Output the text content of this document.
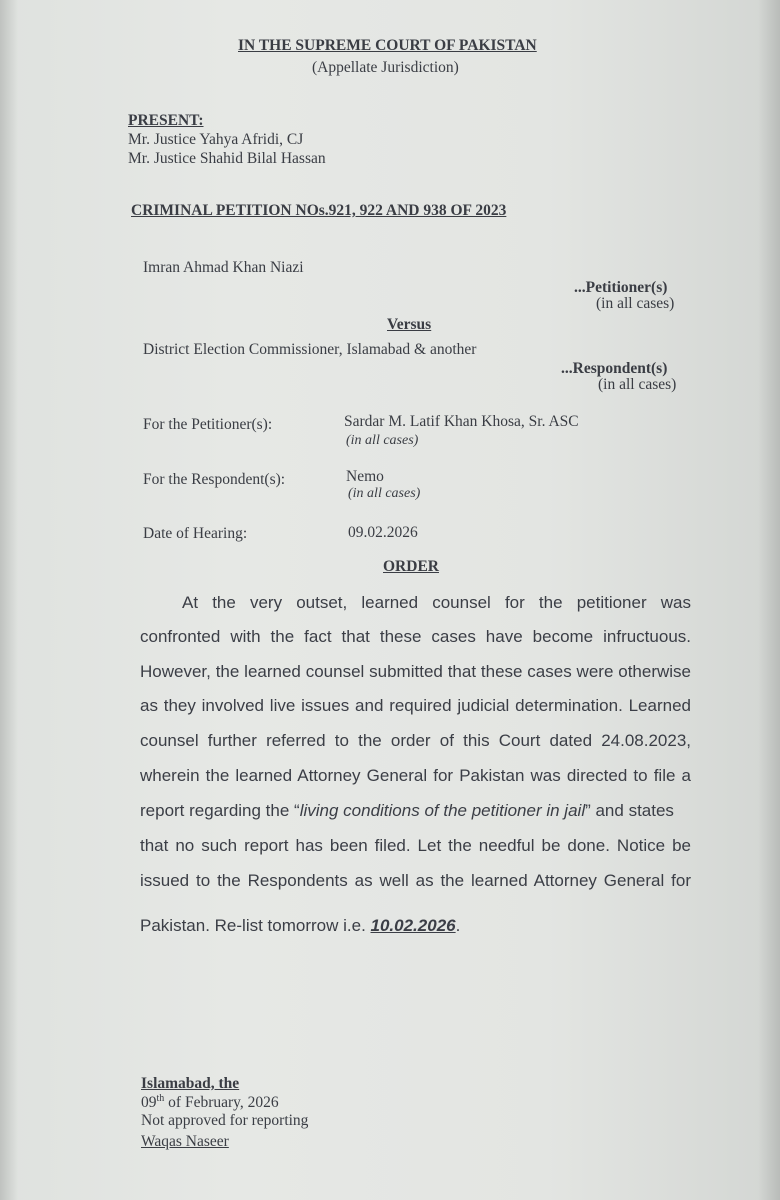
IN THE SUPREME COURT OF PAKISTAN
(Appellate Jurisdiction)
PRESENT:
Mr. Justice Yahya Afridi, CJ
Mr. Justice Shahid Bilal Hassan
CRIMINAL PETITION NOs.921, 922 AND 938 OF 2023
Imran Ahmad Khan Niazi
...Petitioner(s)
(in all cases)
Versus
District Election Commissioner, Islamabad & another
...Respondent(s)
(in all cases)
For the Petitioner(s):	Sardar M. Latif Khan Khosa, Sr. ASC
(in all cases)
For the Respondent(s):	Nemo
(in all cases)
Date of Hearing:	09.02.2026
ORDER
At the very outset, learned counsel for the petitioner was
confronted with the fact that these cases have become infructuous.
However, the learned counsel submitted that these cases were otherwise
as they involved live issues and required judicial determination. Learned
counsel further referred to the order of this Court dated 24.08.2023,
wherein the learned Attorney General for Pakistan was directed to file a
report regarding the “living conditions of the petitioner in jail” and states
that no such report has been filed. Let the needful be done. Notice be
issued to the Respondents as well as the learned Attorney General for
Pakistan. Re-list tomorrow i.e. 10.02.2026.
Islamabad, the
09th of February, 2026
Not approved for reporting
Waqas Naseer
